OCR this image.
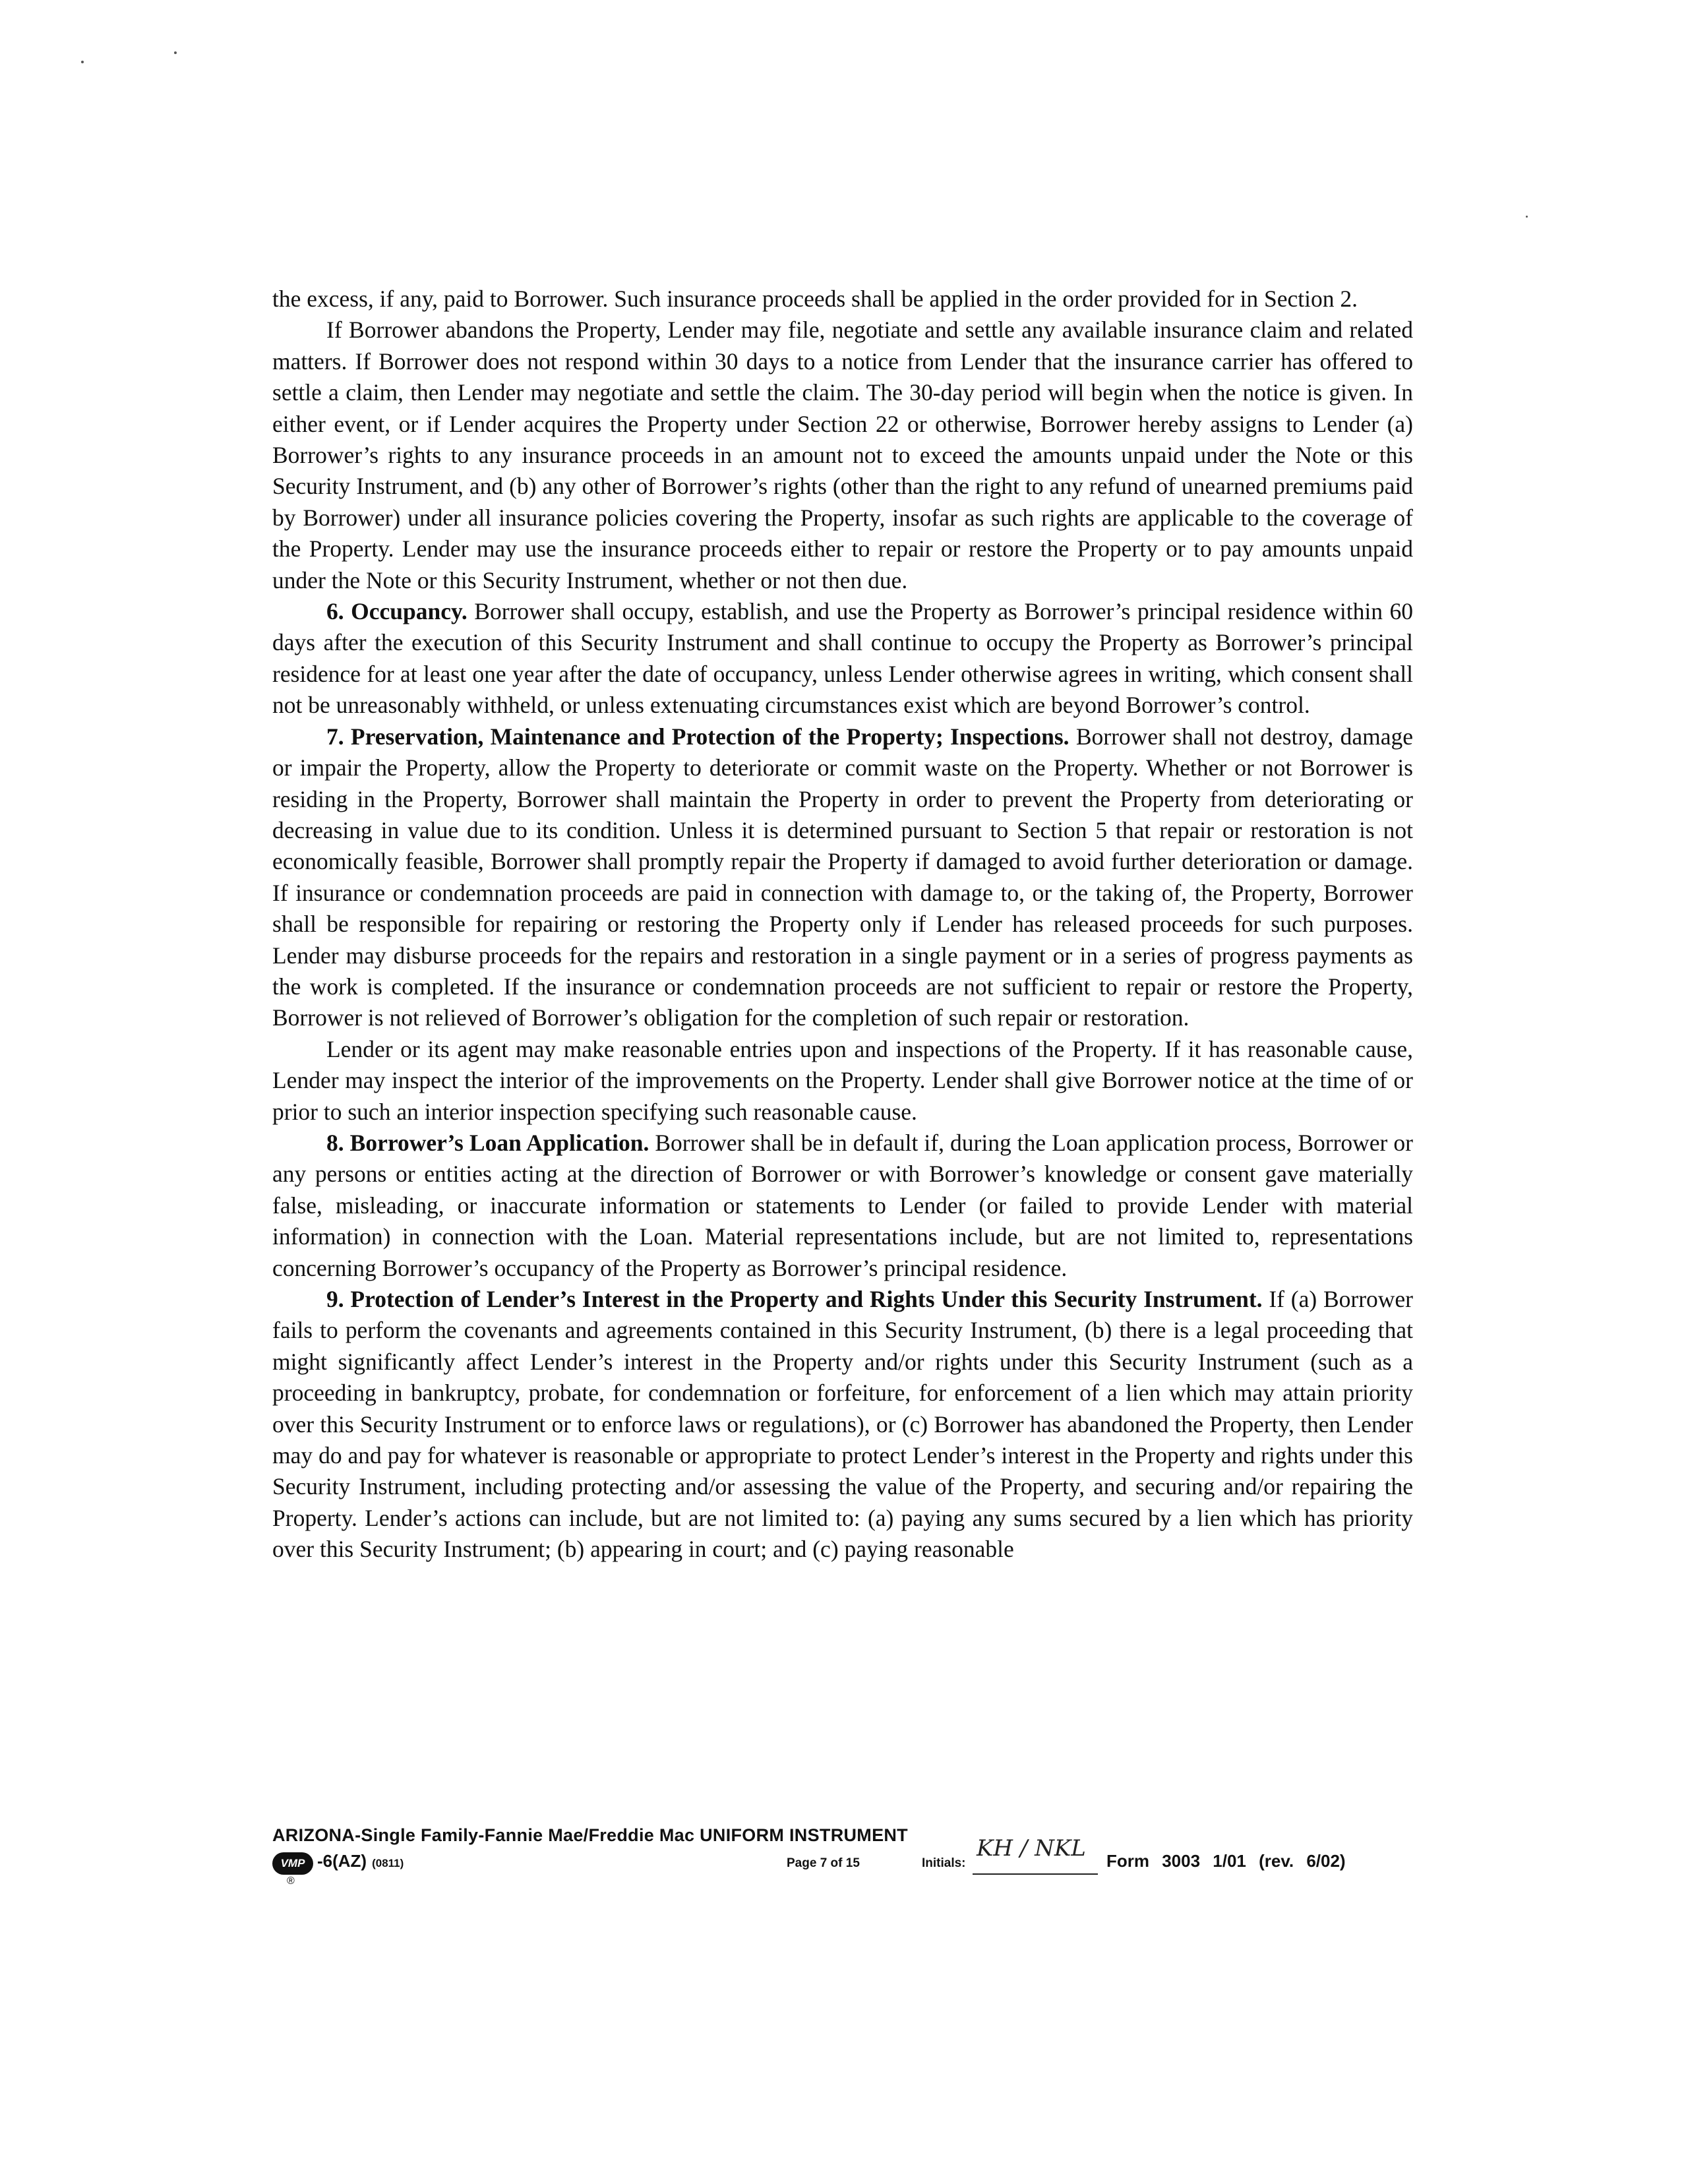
the excess, if any, paid to Borrower. Such insurance proceeds shall be applied in the order provided for in Section 2.

If Borrower abandons the Property, Lender may file, negotiate and settle any available insurance claim and related matters. If Borrower does not respond within 30 days to a notice from Lender that the insurance carrier has offered to settle a claim, then Lender may negotiate and settle the claim. The 30-day period will begin when the notice is given. In either event, or if Lender acquires the Property under Section 22 or otherwise, Borrower hereby assigns to Lender (a) Borrower’s rights to any insurance proceeds in an amount not to exceed the amounts unpaid under the Note or this Security Instrument, and (b) any other of Borrower’s rights (other than the right to any refund of unearned premiums paid by Borrower) under all insurance policies covering the Property, insofar as such rights are applicable to the coverage of the Property. Lender may use the insurance proceeds either to repair or restore the Property or to pay amounts unpaid under the Note or this Security Instrument, whether or not then due.

6. Occupancy. Borrower shall occupy, establish, and use the Property as Borrower’s principal residence within 60 days after the execution of this Security Instrument and shall continue to occupy the Property as Borrower’s principal residence for at least one year after the date of occupancy, unless Lender otherwise agrees in writing, which consent shall not be unreasonably withheld, or unless extenuating circumstances exist which are beyond Borrower’s control.

7. Preservation, Maintenance and Protection of the Property; Inspections. Borrower shall not destroy, damage or impair the Property, allow the Property to deteriorate or commit waste on the Property. Whether or not Borrower is residing in the Property, Borrower shall maintain the Property in order to prevent the Property from deteriorating or decreasing in value due to its condition. Unless it is determined pursuant to Section 5 that repair or restoration is not economically feasible, Borrower shall promptly repair the Property if damaged to avoid further deterioration or damage. If insurance or condemnation proceeds are paid in connection with damage to, or the taking of, the Property, Borrower shall be responsible for repairing or restoring the Property only if Lender has released proceeds for such purposes. Lender may disburse proceeds for the repairs and restoration in a single payment or in a series of progress payments as the work is completed. If the insurance or condemnation proceeds are not sufficient to repair or restore the Property, Borrower is not relieved of Borrower’s obligation for the completion of such repair or restoration.

Lender or its agent may make reasonable entries upon and inspections of the Property. If it has reasonable cause, Lender may inspect the interior of the improvements on the Property. Lender shall give Borrower notice at the time of or prior to such an interior inspection specifying such reasonable cause.

8. Borrower’s Loan Application. Borrower shall be in default if, during the Loan application process, Borrower or any persons or entities acting at the direction of Borrower or with Borrower’s knowledge or consent gave materially false, misleading, or inaccurate information or statements to Lender (or failed to provide Lender with material information) in connection with the Loan. Material representations include, but are not limited to, representations concerning Borrower’s occupancy of the Property as Borrower’s principal residence.

9. Protection of Lender’s Interest in the Property and Rights Under this Security Instrument. If (a) Borrower fails to perform the covenants and agreements contained in this Security Instrument, (b) there is a legal proceeding that might significantly affect Lender’s interest in the Property and/or rights under this Security Instrument (such as a proceeding in bankruptcy, probate, for condemnation or forfeiture, for enforcement of a lien which may attain priority over this Security Instrument or to enforce laws or regulations), or (c) Borrower has abandoned the Property, then Lender may do and pay for whatever is reasonable or appropriate to protect Lender’s interest in the Property and rights under this Security Instrument, including protecting and/or assessing the value of the Property, and securing and/or repairing the Property. Lender’s actions can include, but are not limited to: (a) paying any sums secured by a lien which has priority over this Security Instrument; (b) appearing in court; and (c) paying reasonable

ARIZONA-Single Family-Fannie Mae/Freddie Mac UNIFORM INSTRUMENT
VMP
®
-6(AZ) (0811)	Page 7 of 15	Initials:
KH / NKL Form 3003 1/01 (rev. 6/02)
